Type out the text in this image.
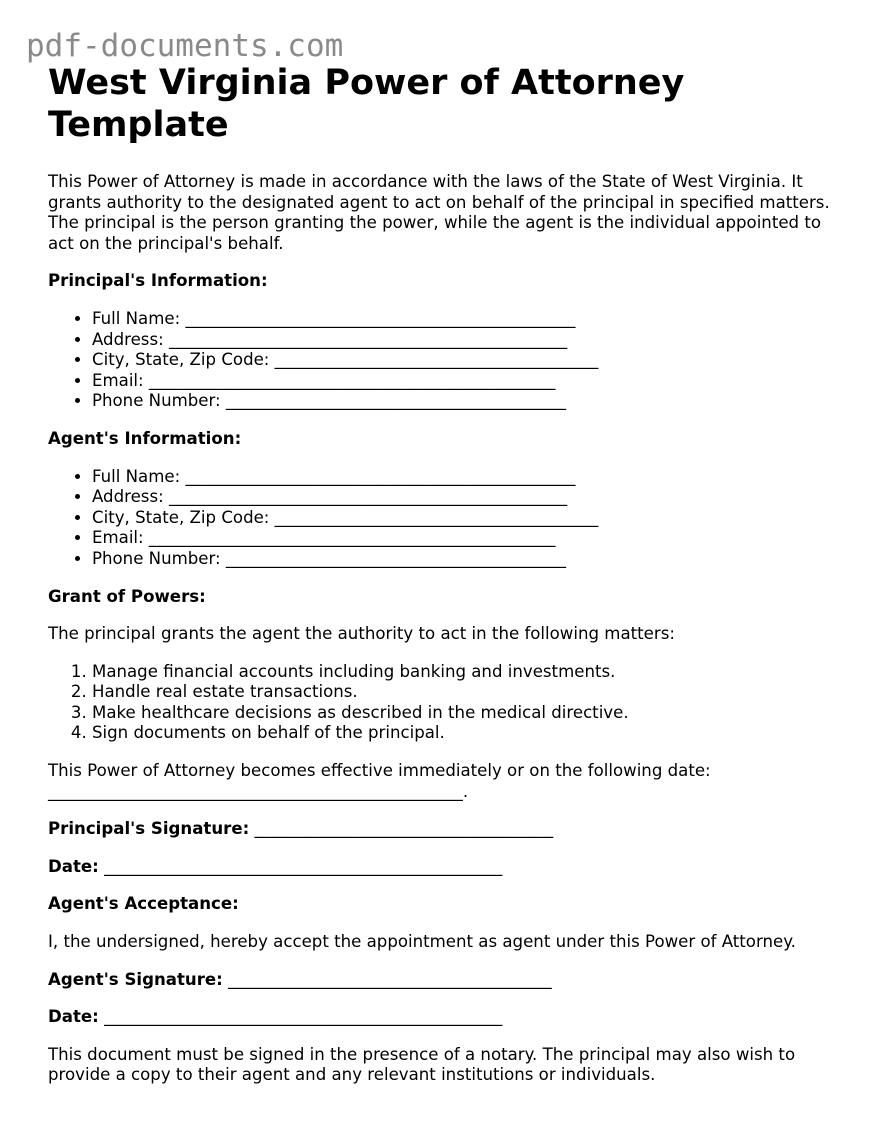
pdf-documents.com
West Virginia Power of Attorney Template

This Power of Attorney is made in accordance with the laws of the State of West Virginia. It grants authority to the designated agent to act on behalf of the principal in specified matters. The principal is the person granting the power, while the agent is the individual appointed to act on the principal's behalf.

Principal's Information:

• Full Name: _______________________________________________
• Address: ________________________________________________
• City, State, Zip Code: _______________________________________
• Email: _________________________________________________
• Phone Number: _________________________________________

Agent's Information:

• Full Name: _______________________________________________
• Address: ________________________________________________
• City, State, Zip Code: _______________________________________
• Email: _________________________________________________
• Phone Number: _________________________________________

Grant of Powers:

The principal grants the agent the authority to act in the following matters:

1. Manage financial accounts including banking and investments.
2. Handle real estate transactions.
3. Make healthcare decisions as described in the medical directive.
4. Sign documents on behalf of the principal.

This Power of Attorney becomes effective immediately or on the following date: __________________________________________________.

Principal's Signature: ____________________________________

Date: ________________________________________________

Agent's Acceptance:

I, the undersigned, hereby accept the appointment as agent under this Power of Attorney.

Agent's Signature: _______________________________________

Date: ________________________________________________

This document must be signed in the presence of a notary. The principal may also wish to provide a copy to their agent and any relevant institutions or individuals.
